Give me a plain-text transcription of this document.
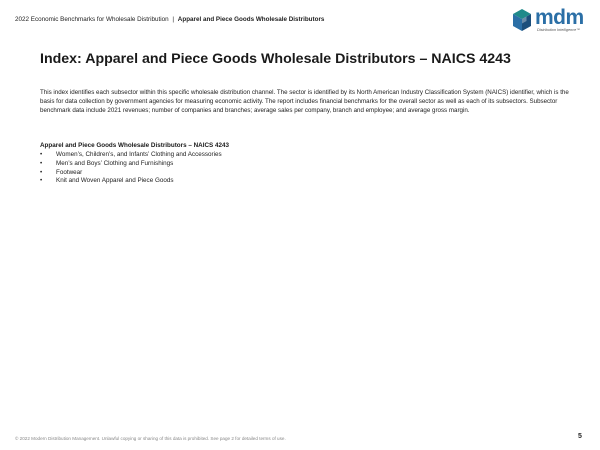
2022 Economic Benchmarks for Wholesale Distribution | Apparel and Piece Goods Wholesale Distributors	mdm
Distribution Intelligence™
Index: Apparel and Piece Goods Wholesale Distributors – NAICS 4243

This index identifies each subsector within this specific wholesale distribution channel. The sector is identified by its North American Industry Classification System (NAICS) identifier, which is the basis for data collection by government agencies for measuring economic activity. The report includes financial benchmarks for the overall sector as well as each of its subsectors. Subsector benchmark data include 2021 revenues; number of companies and branches; average sales per company, branch and employee; and average gross margin.

Apparel and Piece Goods Wholesale Distributors – NAICS 4243
• Women’s, Children’s, and Infants’ Clothing and Accessories
• Men’s and Boys’ Clothing and Furnishings
• Footwear
• Knit and Woven Apparel and Piece Goods
© 2022 Modern Distribution Management. Unlawful copying or sharing of this data is prohibited. See page 2 for detailed terms of use.	5
